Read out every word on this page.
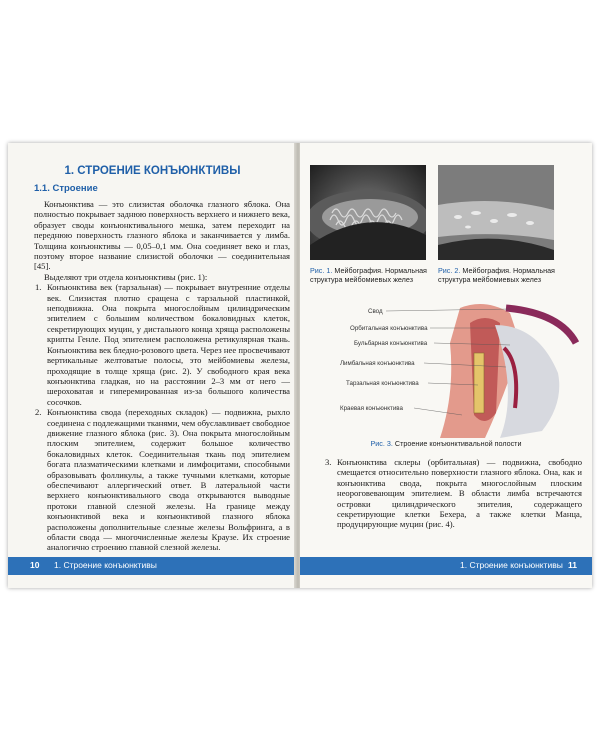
1. СТРОЕНИЕ КОНЪЮНКТИВЫ
1.1. Строение

Конъюнктива — это слизистая оболочка глазного яблока. Она полностью покрывает заднюю поверхность верхнего и нижнего века, образует своды конъюнктивального мешка, затем переходит на переднюю поверхность глазного яблока и заканчивается у лимба. Толщина конъюнктивы — 0,05–0,1 мм. Она соединяет веко и глаз, поэтому второе название слизистой оболочки — соединительная [45].

Выделяют три отдела конъюнктивы (рис. 1):

1. Конъюнктива век (тарзальная) — покрывает внутренние отделы век. Слизистая плотно сращена с тарзальной пластинкой, неподвижна. Она покрыта многослойным цилиндрическим эпителием с большим количеством бокаловидных клеток, секретирующих муцин, у дистального конца хряща расположены крипты Генле. Под эпителием расположена ретикулярная ткань. Конъюнктива век бледно-розового цвета. Через нее просвечивают вертикальные желтоватые полосы, это мейбомиевы железы, проходящие в толще хряща (рис. 2). У свободного края века конъюнктива гладкая, но на расстоянии 2–3 мм от него — шероховатая и гиперемированная из-за большого количества сосочков.
2. Конъюнктива свода (переходных складок) — подвижна, рыхло соединена с подлежащими тканями, чем обуславливает свободное движение глазного яблока (рис. 3). Она покрыта многослойным плоским эпителием, содержит большое количество бокаловидных клеток. Соединительная ткань под эпителием богата плазматическими клетками и лимфоцитами, способными образовывать фолликулы, а также тучными клетками, которые обеспечивают аллергический ответ. В латеральной части верхнего конъюнктивального свода открываются выводные протоки главной слезной железы. На границе между конъюнктивой века и конъюнктивой глазного яблока расположены дополнительные слезные железы Вольфринга, а в области свода — многочисленные железы Краузе. Их строение аналогично строению главной слезной железы.
10 1. Строение конъюнктивы
Рис. 1. Мейбография. Нормальная структура мейбомиевых желез
Рис. 2. Мейбография. Нормальная структура мейбомиевых желез
Свод
Орбитальная конъюнктива
Бульбарная конъюнктива
Лимбальная конъюнктива
Тарзальная конъюнктива
Краевая конъюнктива
Рис. 3. Строение конъюнктивальной полости
3. Конъюнктива склеры (орбитальная) — подвижна, свободно смещается относительно поверхности глазного яблока. Она, как и конъюнктива свода, покрыта многослойным плоским неороговевающим эпителием. В области лимба встречаются островки цилиндрического эпителия, содержащего секретирующие клетки Бехера, а также клетки Манца, продуцирующие муцин (рис. 4).
1. Строение конъюнктивы 11
